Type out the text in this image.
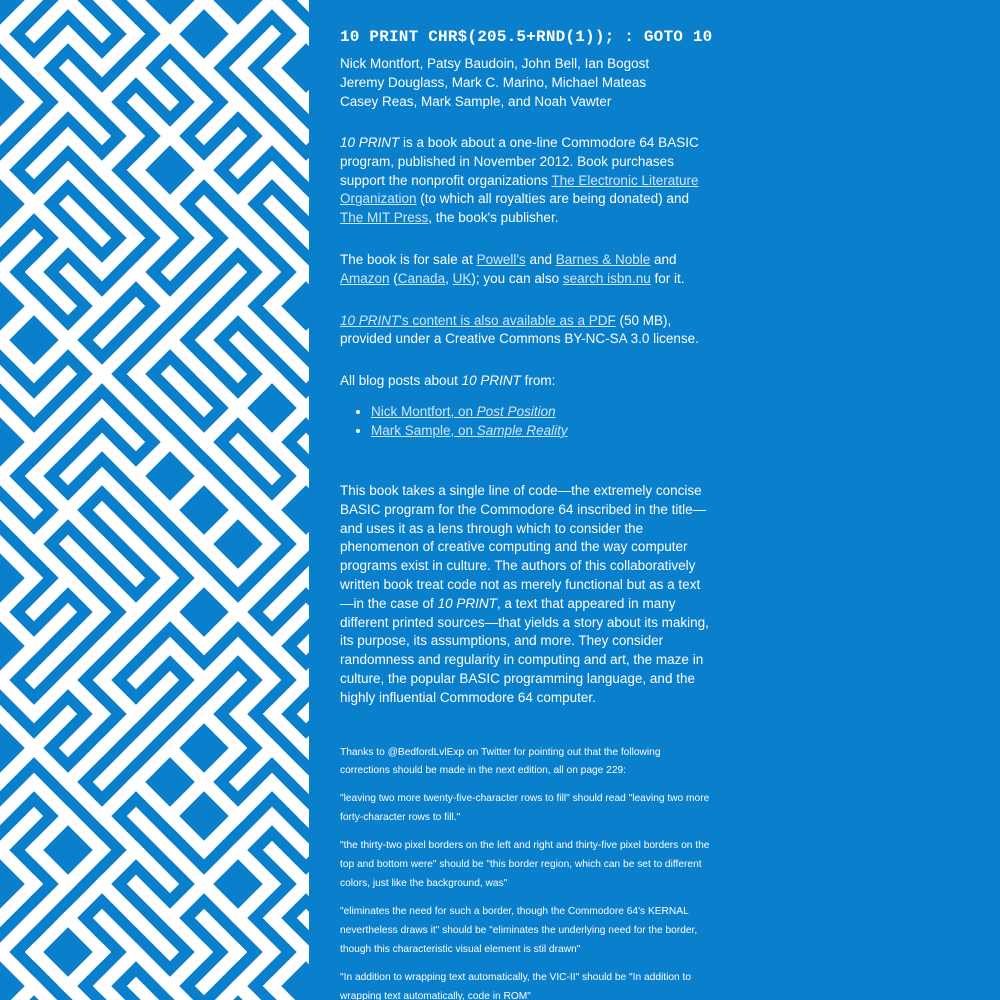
10 PRINT CHR$(205.5+RND(1)); : GOTO 10
Nick Montfort, Patsy Baudoin, John Bell, Ian Bogost
Jeremy Douglass, Mark C. Marino, Michael Mateas
Casey Reas, Mark Sample, and Noah Vawter

10 PRINT is a book about a one-line Commodore 64 BASIC program, published in November 2012. Book purchases support the nonprofit organizations The Electronic Literature Organization (to which all royalties are being donated) and The MIT Press, the book's publisher.

The book is for sale at Powell's and Barnes & Noble and Amazon (Canada, UK); you can also search isbn.nu for it.

10 PRINT's content is also available as a PDF (50 MB), provided under a Creative Commons BY-NC-SA 3.0 license.

All blog posts about 10 PRINT from:

• Nick Montfort, on Post Position
• Mark Sample, on Sample Reality

This book takes a single line of code—the extremely concise BASIC program for the Commodore 64 inscribed in the title—and uses it as a lens through which to consider the phenomenon of creative computing and the way computer programs exist in culture. The authors of this collaboratively written book treat code not as merely functional but as a text—in the case of 10 PRINT, a text that appeared in many different printed sources—that yields a story about its making, its purpose, its assumptions, and more. They consider randomness and regularity in computing and art, the maze in culture, the popular BASIC programming language, and the highly influential Commodore 64 computer.

Thanks to @BedfordLvlExp on Twitter for pointing out that the following corrections should be made in the next edition, all on page 229:

"leaving two more twenty-five-character rows to fill" should read "leaving two more forty-character rows to fill."

"the thirty-two pixel borders on the left and right and thirty-five pixel borders on the top and bottom were" should be "this border region, which can be set to different colors, just like the background, was"

"eliminates the need for such a border, though the Commodore 64's KERNAL nevertheless draws it" should be "eliminates the underlying need for the border, though this characteristic visual element is stil drawn"

"In addition to wrapping text automatically, the VIC-II" should be "In addition to wrapping text automatically, code in ROM"
